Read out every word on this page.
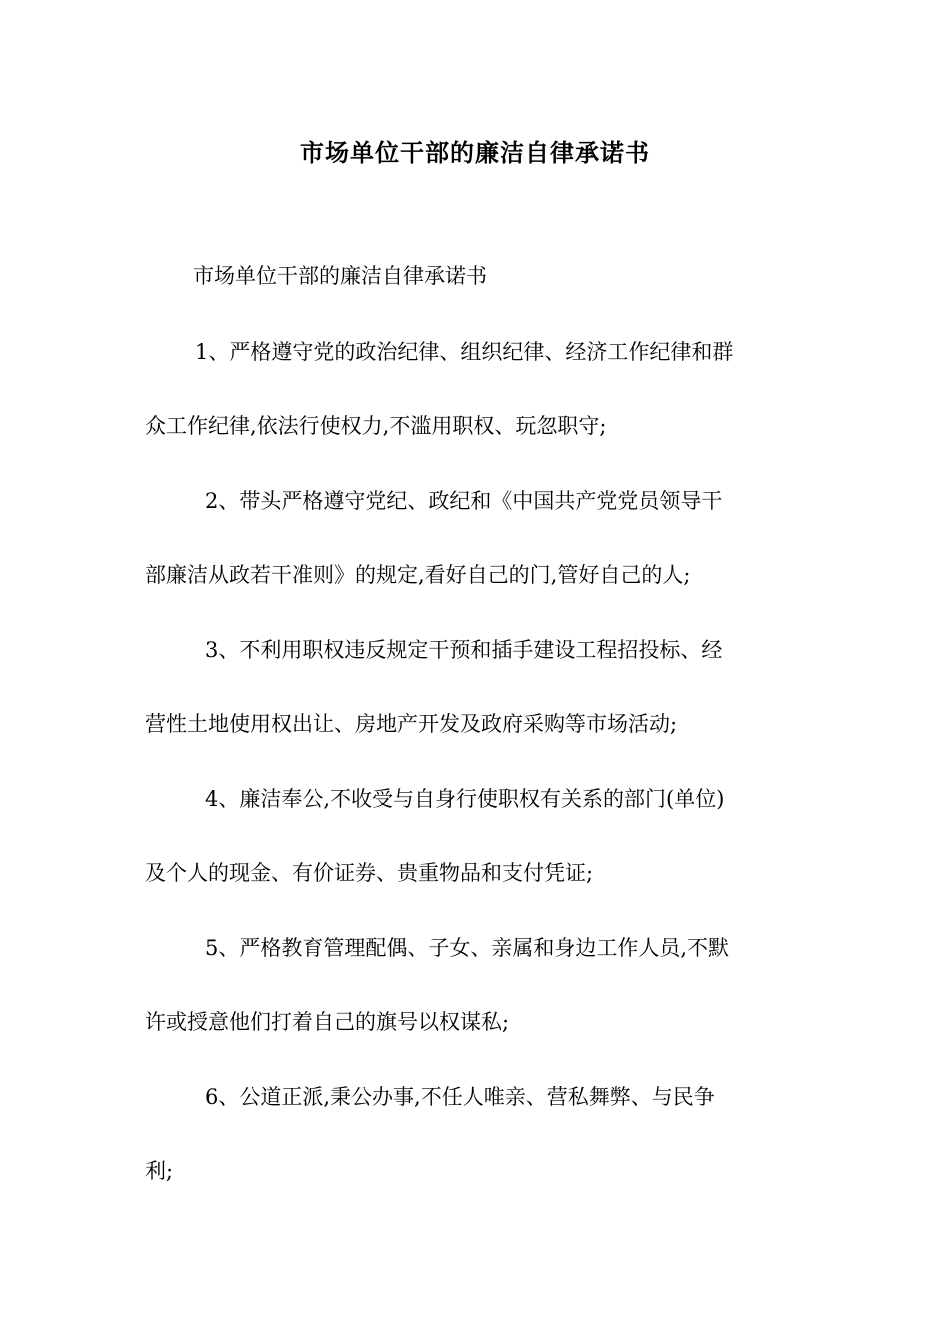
市场单位干部的廉洁自律承诺书
市场单位干部的廉洁自律承诺书
1、严格遵守党的政治纪律、组织纪律、经济工作纪律和群
众工作纪律,依法行使权力,不滥用职权、玩忽职守;
2、带头严格遵守党纪、政纪和《中国共产党党员领导干
部廉洁从政若干准则》的规定,看好自己的门,管好自己的人;
3、不利用职权违反规定干预和插手建设工程招投标、经
营性土地使用权出让、房地产开发及政府采购等市场活动;
4、廉洁奉公,不收受与自身行使职权有关系的部门(单位)
及个人的现金、有价证券、贵重物品和支付凭证;
5、严格教育管理配偶、子女、亲属和身边工作人员,不默
许或授意他们打着自己的旗号以权谋私;
6、公道正派,秉公办事,不任人唯亲、营私舞弊、与民争
利;
